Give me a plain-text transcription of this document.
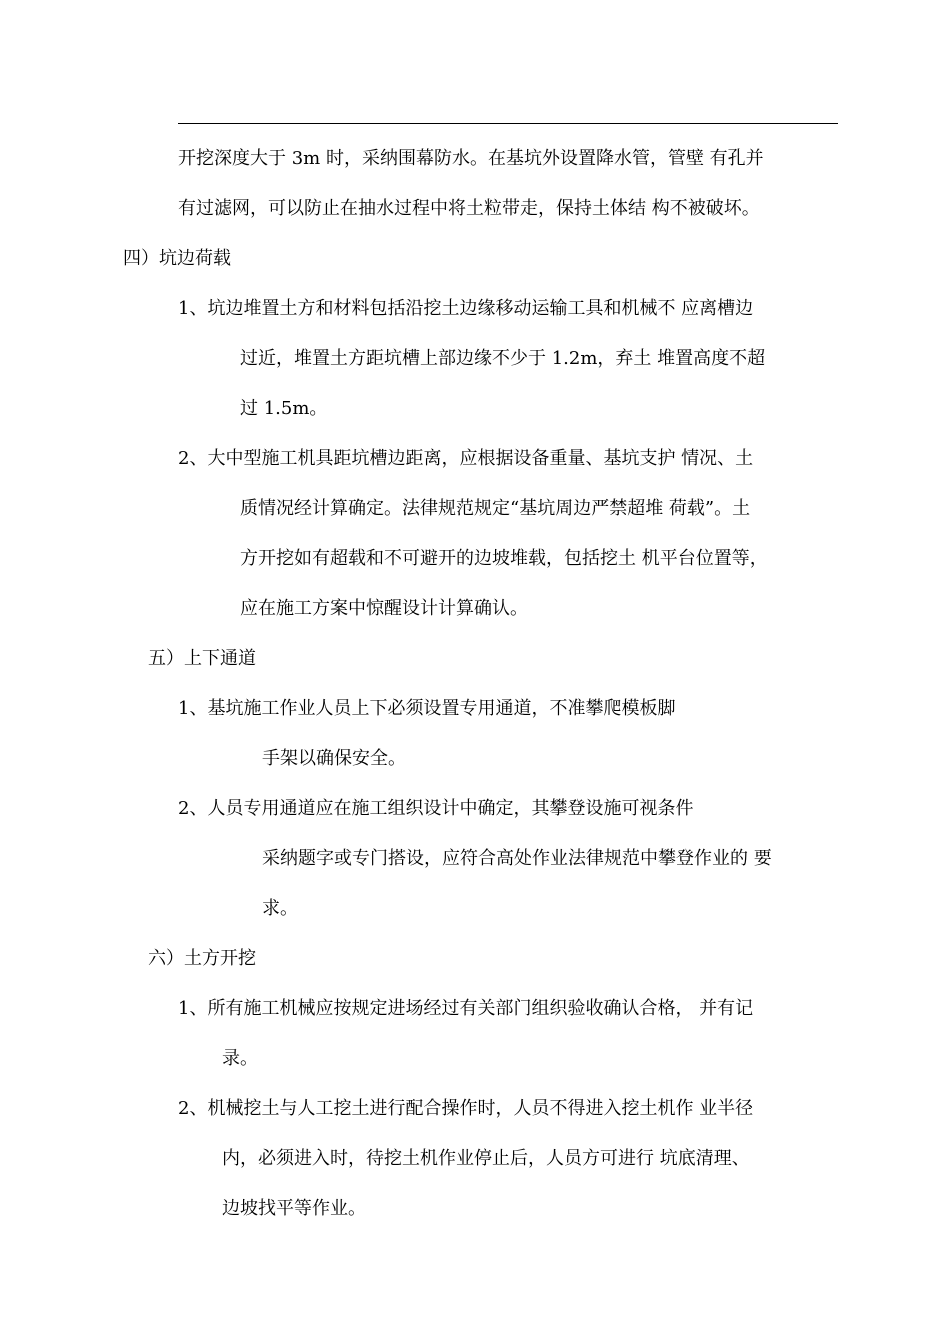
开挖深度大于 3m 时，采纳围幕防水。在基坑外设置降水管，管壁 有孔并
有过滤网，可以防止在抽水过程中将土粒带走，保持土体结 构不被破坏。
四）坑边荷载
1、坑边堆置土方和材料包括沿挖土边缘移动运输工具和机械不 应离槽边
过近，堆置土方距坑槽上部边缘不少于 1.2m，弃土 堆置高度不超
过 1.5m。
2、大中型施工机具距坑槽边距离，应根据设备重量、基坑支护 情况、土
质情况经计算确定。法律规范规定“基坑周边严禁超堆 荷载”。土
方开挖如有超载和不可避开的边坡堆载，包括挖土 机平台位置等，
应在施工方案中惊醒设计计算确认。
五）上下通道
1、基坑施工作业人员上下必须设置专用通道，不准攀爬模板脚
手架以确保安全。
2、人员专用通道应在施工组织设计中确定，其攀登设施可视条件
采纳题字或专门搭设，应符合高处作业法律规范中攀登作业的 要
求。
六）土方开挖
1、所有施工机械应按规定进场经过有关部门组织验收确认合格， 并有记
录。
2、机械挖土与人工挖土进行配合操作时，人员不得进入挖土机作 业半径
内，必须进入时，待挖土机作业停止后，人员方可进行 坑底清理、
边坡找平等作业。
